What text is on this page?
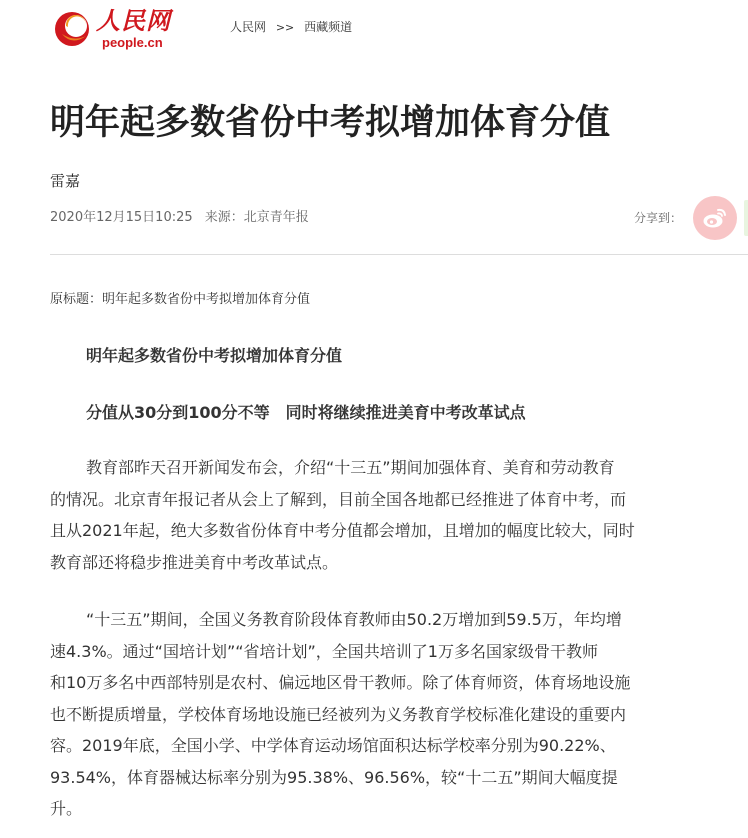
人民网
people.cn
人民网 >> 西藏频道
明年起多数省份中考拟增加体育分值
雷嘉
2020年12月15日10:25 来源：北京青年报	分享到：
原标题：明年起多数省份中考拟增加体育分值
明年起多数省份中考拟增加体育分值
分值从30分到100分不等　同时将继续推进美育中考改革试点
教育部昨天召开新闻发布会，介绍“十三五”期间加强体育、美育和劳动教育
的情况。北京青年报记者从会上了解到，目前全国各地都已经推进了体育中考，而
且从2021年起，绝大多数省份体育中考分值都会增加，且增加的幅度比较大，同时
教育部还将稳步推进美育中考改革试点。
“十三五”期间，全国义务教育阶段体育教师由50.2万增加到59.5万，年均增
速4.3%。通过“国培计划”“省培计划”，全国共培训了1万多名国家级骨干教师
和10万多名中西部特别是农村、偏远地区骨干教师。除了体育师资，体育场地设施
也不断提质增量，学校体育场地设施已经被列为义务教育学校标准化建设的重要内
容。2019年底，全国小学、中学体育运动场馆面积达标学校率分别为90.22%、
93.54%，体育器械达标率分别为95.38%、96.56%，较“十二五”期间大幅度提
升。
